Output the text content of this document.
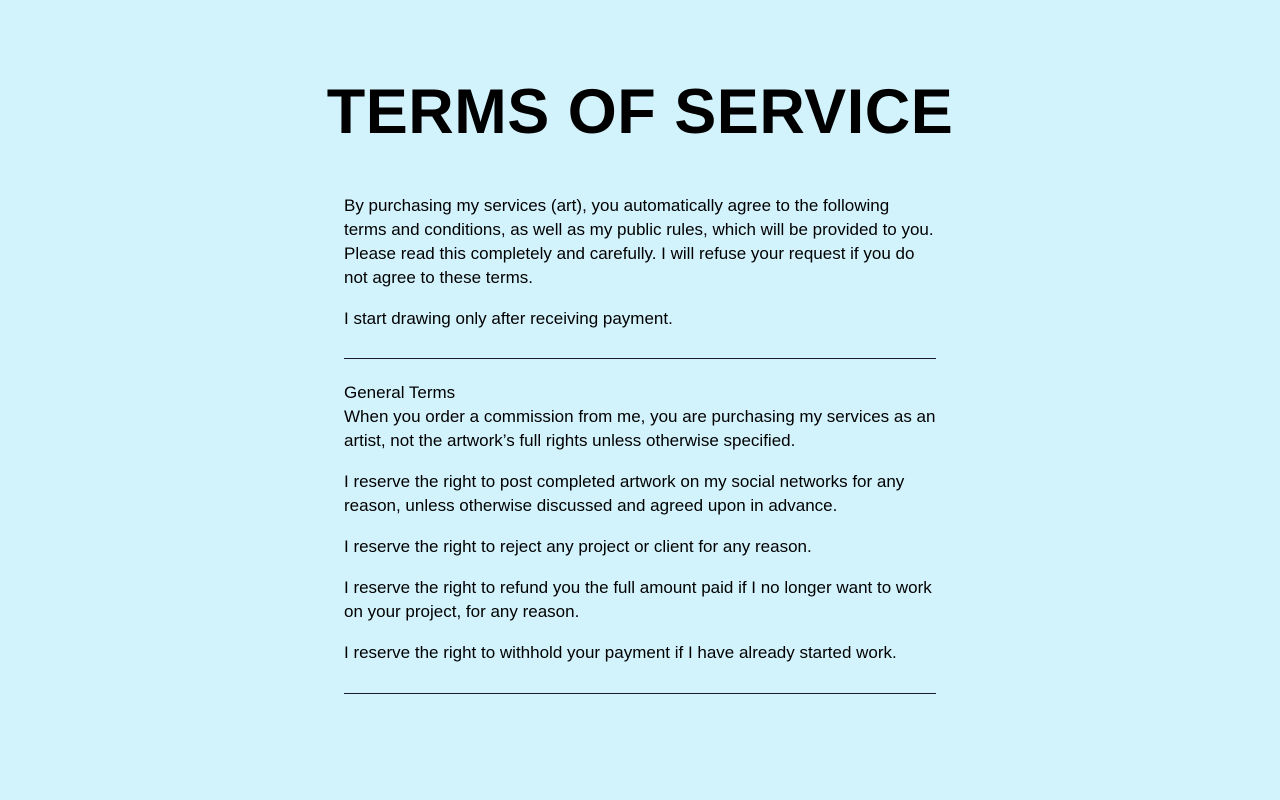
TERMS OF SERVICE

By purchasing my services (art), you automatically agree to the following terms and conditions, as well as my public rules, which will be provided to you.

Please read this completely and carefully. I will refuse your request if you do not agree to these terms.

I start drawing only after receiving payment.

General Terms

When you order a commission from me, you are purchasing my services as an artist, not the artwork’s full rights unless otherwise specified.

I reserve the right to post completed artwork on my social networks for any reason, unless otherwise discussed and agreed upon in advance.

I reserve the right to reject any project or client for any reason.

I reserve the right to refund you the full amount paid if I no longer want to work on your project, for any reason.

I reserve the right to withhold your payment if I have already started work.
